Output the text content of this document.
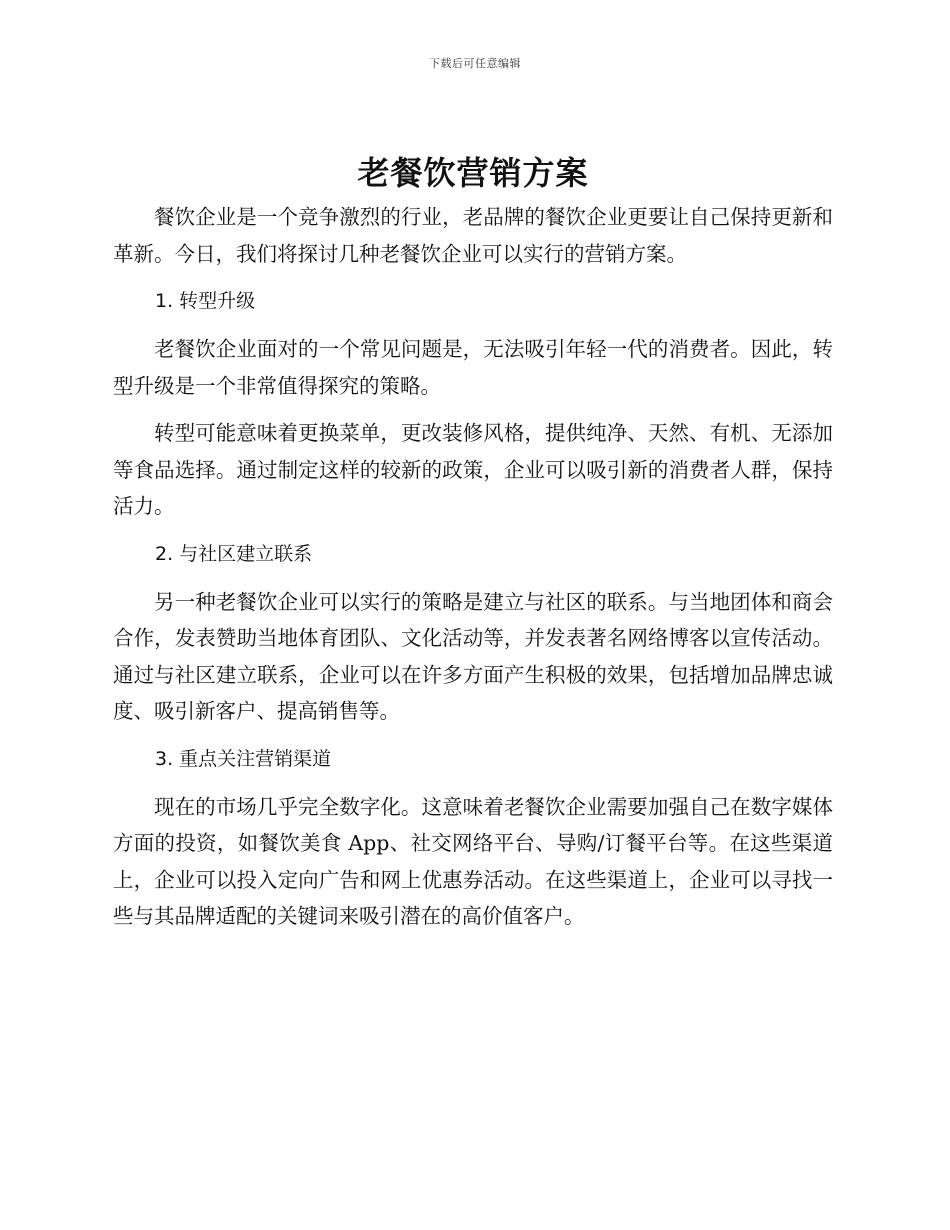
下载后可任意编辑
老餐饮营销方案

餐饮企业是一个竞争激烈的行业，老品牌的餐饮企业更要让自己保持更新和革新。今日，我们将探讨几种老餐饮企业可以实行的营销方案。

1. 转型升级

老餐饮企业面对的一个常见问题是，无法吸引年轻一代的消费者。因此，转型升级是一个非常值得探究的策略。

转型可能意味着更换菜单，更改装修风格，提供纯净、天然、有机、无添加等食品选择。通过制定这样的较新的政策，企业可以吸引新的消费者人群，保持活力。

2. 与社区建立联系

另一种老餐饮企业可以实行的策略是建立与社区的联系。与当地团体和商会合作，发表赞助当地体育团队、文化活动等，并发表著名网络博客以宣传活动。通过与社区建立联系，企业可以在许多方面产生积极的效果，包括增加品牌忠诚度、吸引新客户、提高销售等。

3. 重点关注营销渠道

现在的市场几乎完全数字化。这意味着老餐饮企业需要加强自己在数字媒体方面的投资，如餐饮美食 App、社交网络平台、导购/订餐平台等。在这些渠道上，企业可以投入定向广告和网上优惠券活动。在这些渠道上，企业可以寻找一些与其品牌适配的关键词来吸引潜在的高价值客户。
